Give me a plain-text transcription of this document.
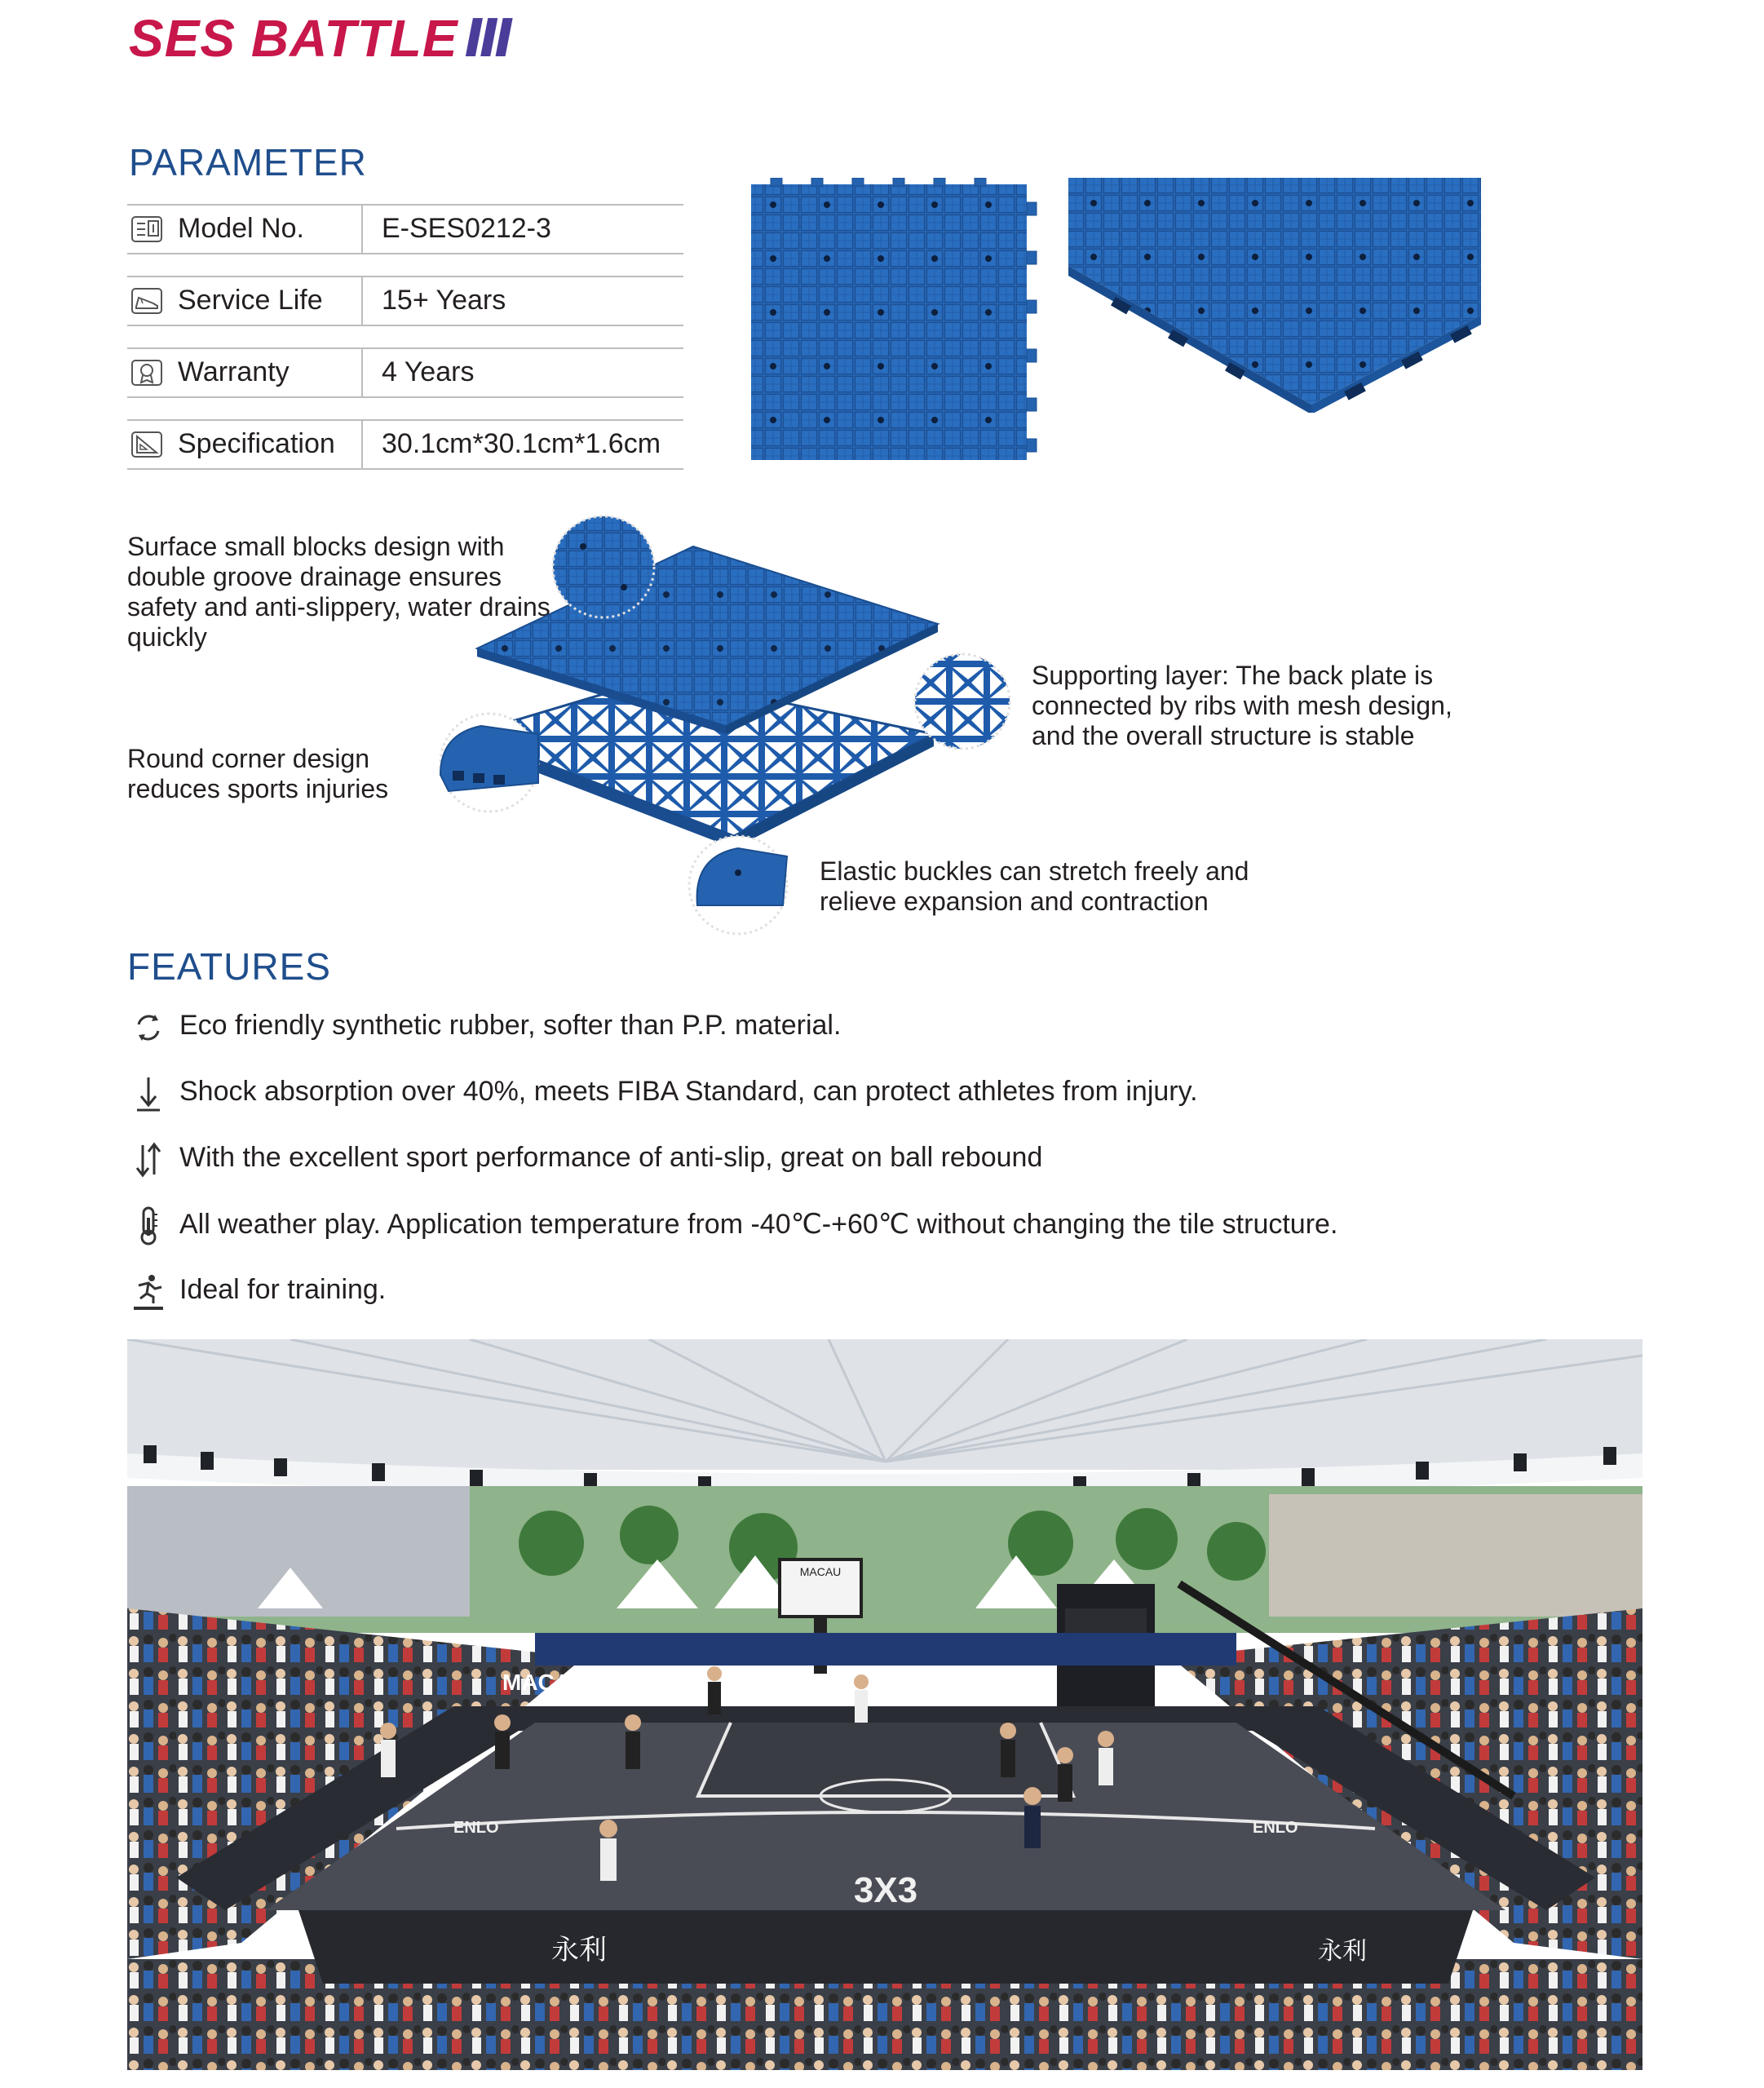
SES BATTLE Ⅲ
PARAMETER
Model No.	E-SES0212-3
Service Life 15+ Years
Warranty	4 Years
Specification 30.1cm*30.1cm*1.6cm
Surface small blocks design with double groove drainage ensures safety and anti-slippery, water drains quickly
Round corner design reduces sports injuries
Supporting layer: The back plate is connected by ribs with mesh design, and the overall structure is stable
Elastic buckles can stretch freely and relieve expansion and contraction
FEATURES
Eco friendly synthetic rubber, softer than P.P. material.
Shock absorption over 40%, meets FIBA Standard, can protect athletes from injury.
With the excellent sport performance of anti-slip, great on ball rebound
All weather play. Application temperature from -40℃-+60℃ without changing the tile structure.
Ideal for training.
MACAU
MACAU
3X3
ENLO	ENLO
永利	永利
